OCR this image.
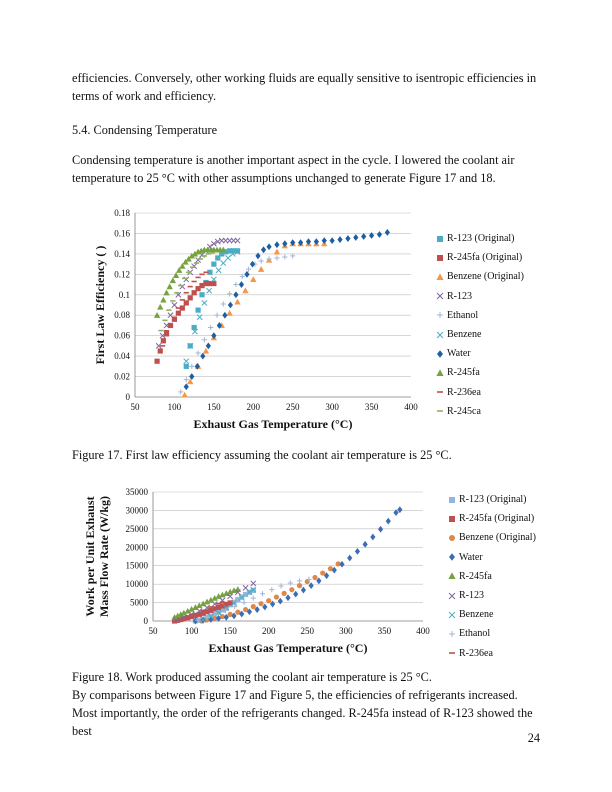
efficiencies. Conversely, other working fluids are equally sensitive to isentropic efficiencies in terms of work and efficiency.

5.4. Condensing Temperature

Condensing temperature is another important aspect in the cycle. I lowered the coolant air temperature to 25 °C with other assumptions unchanged to generate Figure 17 and 18.

0
0.02
0.04
0.06
0.08
0.1
0.12
0.14
0.16
0.18
50	100	150	200	250	300	350	400
Exhaust Gas Temperature (°C)
First Law Efficiency ( )
R-123 (Original)
R-245fa (Original)
Benzene (Original)
R-123
Ethanol
Benzene
Water
R-245fa
R-236ea
R-245ca

Figure 17. First law efficiency assuming the coolant air temperature is 25 °C.

0
5000
10000
15000
20000
25000
30000
35000
50	100	150	200	250	300	350	400
Exhaust Gas Temperature (°C)
Work per Unit Exhaust Mass Flow Rate (W/kg)	R-123 (Original)
R-245fa (Original)
Benzene (Original)
Water
R-245fa
R-123
Benzene
Ethanol
R-236ea

Figure 18. Work produced assuming the coolant air temperature is 25 °C.

By comparisons between Figure 17 and Figure 5, the efficiencies of refrigerants increased. Most importantly, the order of the refrigerants changed. R-245fa instead of R-123 showed the best	24
